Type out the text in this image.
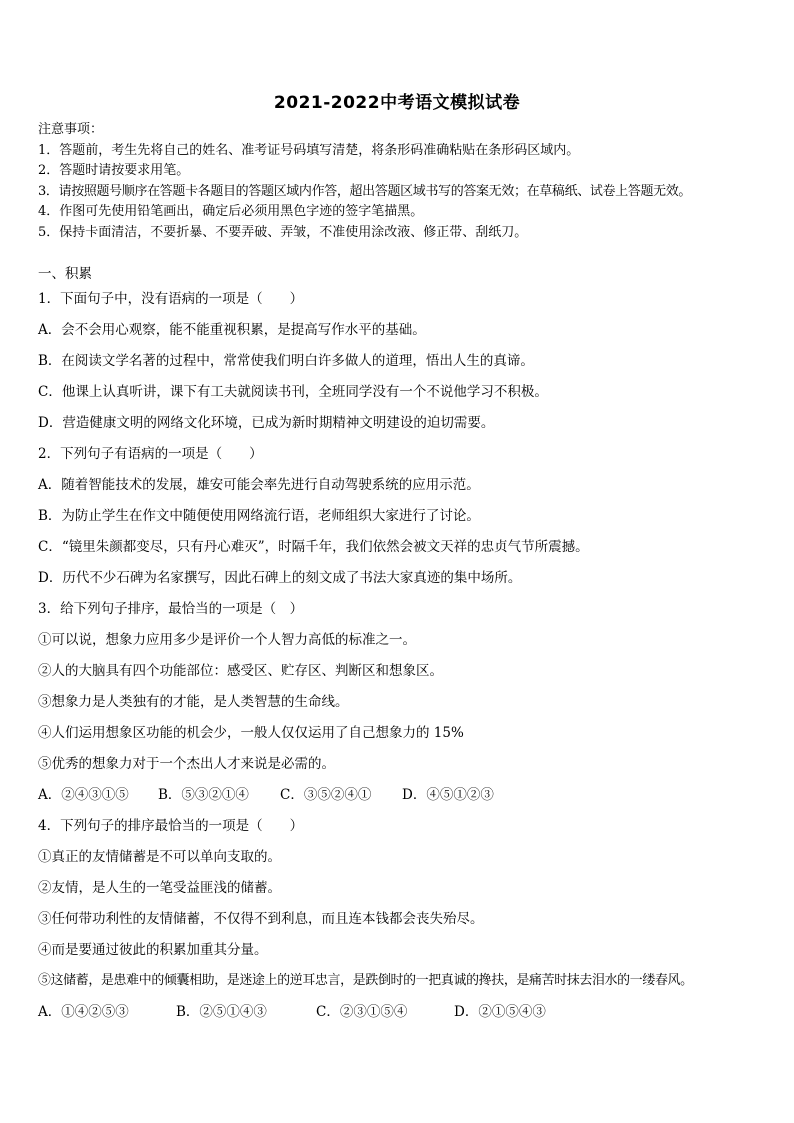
2021-2022中考语文模拟试卷
注意事项：
1．答题前，考生先将自己的姓名、准考证号码填写清楚，将条形码准确粘贴在条形码区域内。
2．答题时请按要求用笔。
3．请按照题号顺序在答题卡各题目的答题区域内作答，超出答题区域书写的答案无效；在草稿纸、试卷上答题无效。
4．作图可先使用铅笔画出，确定后必须用黑色字迹的签字笔描黑。
5．保持卡面清洁，不要折暴、不要弄破、弄皱，不准使用涂改液、修正带、刮纸刀。
一、积累
1．下面句子中，没有语病的一项是（　　）
A．会不会用心观察，能不能重视积累，是提高写作水平的基础。
B．在阅读文学名著的过程中，常常使我们明白许多做人的道理，悟出人生的真谛。
C．他课上认真听讲，课下有工夫就阅读书刊，全班同学没有一个不说他学习不积极。
D．营造健康文明的网络文化环境，已成为新时期精神文明建设的迫切需要。
2．下列句子有语病的一项是（　　）
A．随着智能技术的发展，雄安可能会率先进行自动驾驶系统的应用示范。
B．为防止学生在作文中随便使用网络流行语，老师组织大家进行了讨论。
C．“镜里朱颜都变尽，只有丹心难灭”，时隔千年，我们依然会被文天祥的忠贞气节所震撼。
D．历代不少石碑为名家撰写，因此石碑上的刻文成了书法大家真迹的集中场所。
3．给下列句子排序，最恰当的一项是（　）
①可以说，想象力应用多少是评价一个人智力高低的标准之一。
②人的大脑具有四个功能部位：感受区、贮存区、判断区和想象区。
③想象力是人类独有的才能，是人类智慧的生命线。
④人们运用想象区功能的机会少，一般人仅仅运用了自己想象力的 15%
⑤优秀的想象力对于一个杰出人才来说是必需的。
A．②④③①⑤ B．⑤③②①④ C．③⑤②④① D．④⑤①②③
4．下列句子的排序最恰当的一项是（　　）
①真正的友情储蓄是不可以单向支取的。
②友情，是人生的一笔受益匪浅的储蓄。
③任何带功利性的友情储蓄，不仅得不到利息，而且连本钱都会丧失殆尽。
④而是要通过彼此的积累加重其分量。
⑤这储蓄，是患难中的倾囊相助，是迷途上的逆耳忠言，是跌倒时的一把真诚的搀扶，是痛苦时抹去泪水的一缕春风。
A．①④②⑤③	B．②⑤①④③	C．②③①⑤④	D．②①⑤④③
